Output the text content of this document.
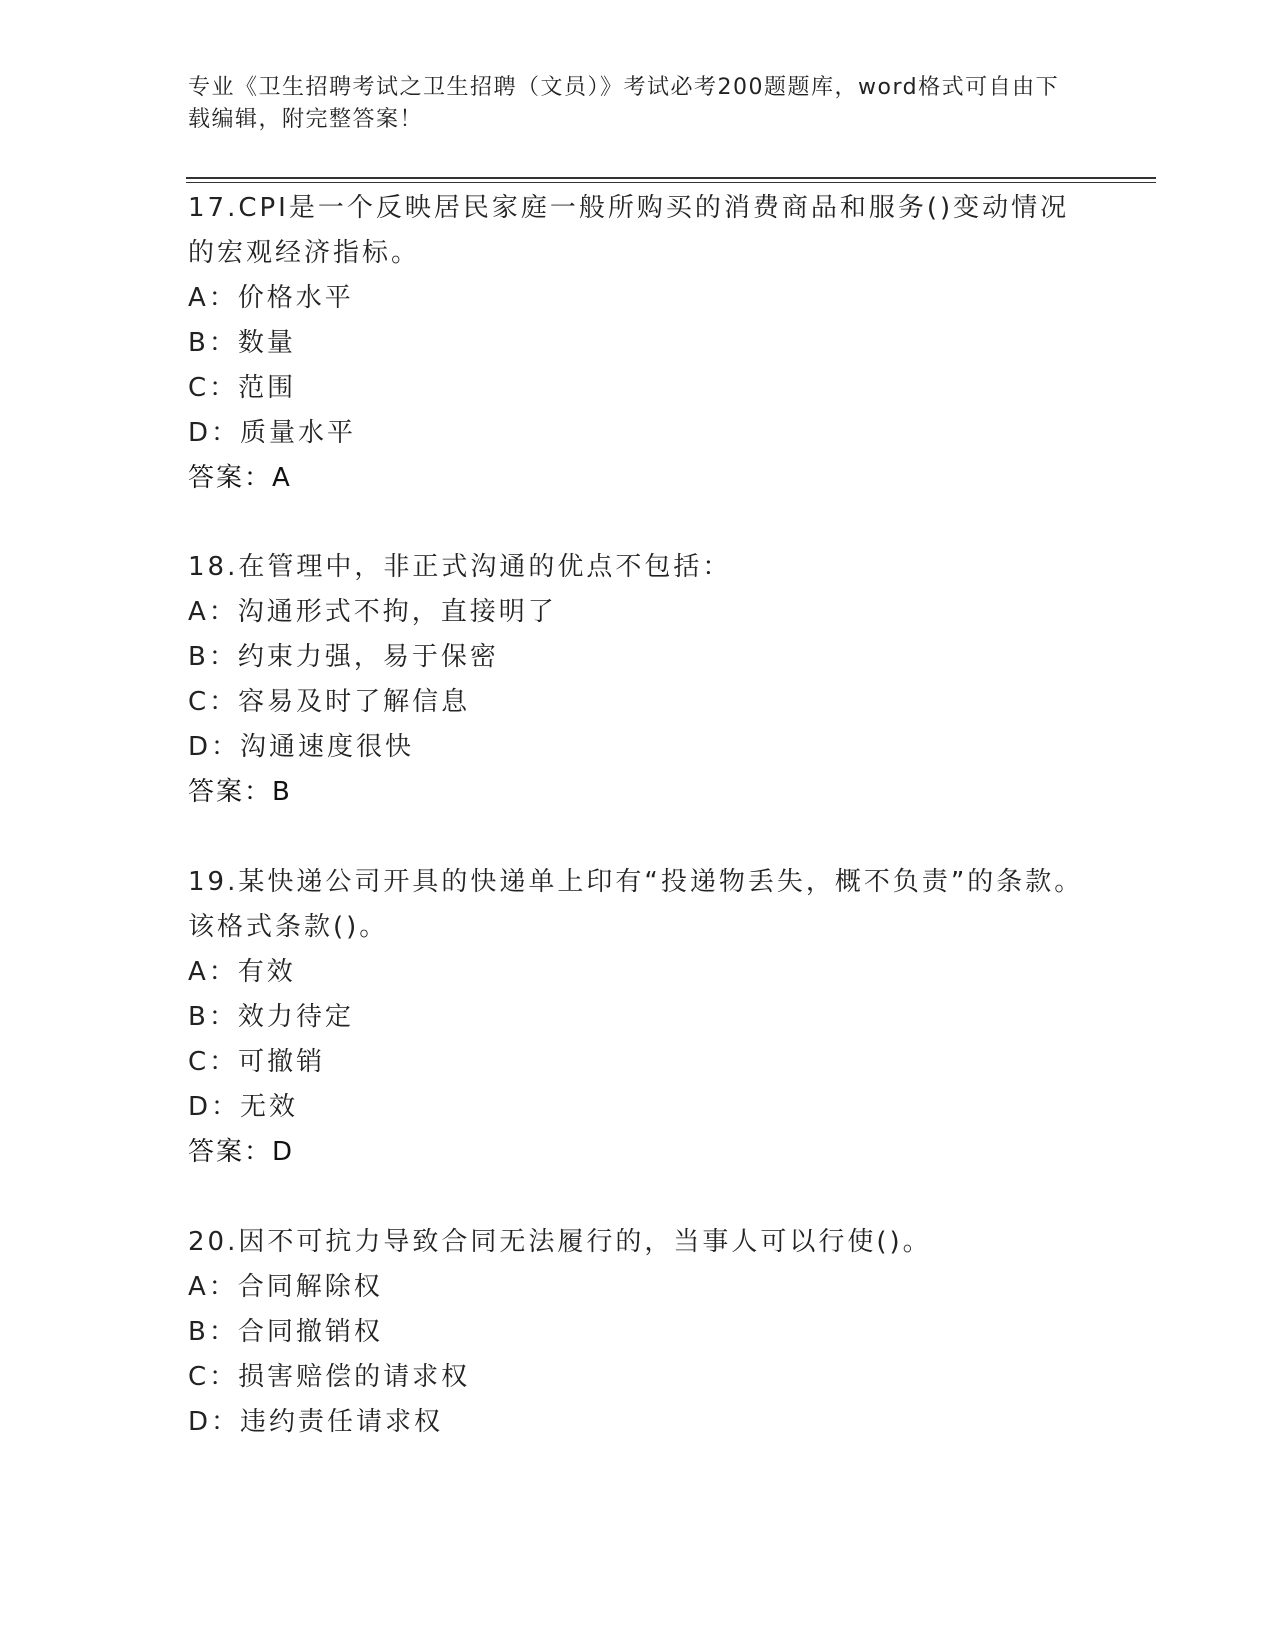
专业《卫生招聘考试之卫生招聘（文员）》考试必考200题题库，word格式可自由下载编辑，附完整答案！

17.CPI是一个反映居民家庭一般所购买的消费商品和服务()变动情况的宏观经济指标。

A：价格水平

B：数量

C：范围

D：质量水平

答案：A

18.在管理中，非正式沟通的优点不包括：

A：沟通形式不拘，直接明了

B：约束力强，易于保密

C：容易及时了解信息

D：沟通速度很快

答案：B

19.某快递公司开具的快递单上印有“投递物丢失，概不负责”的条款。该格式条款()。

A：有效

B：效力待定

C：可撤销

D：无效

答案：D

20.因不可抗力导致合同无法履行的，当事人可以行使()。

A：合同解除权

B：合同撤销权

C：损害赔偿的请求权

D：违约责任请求权
